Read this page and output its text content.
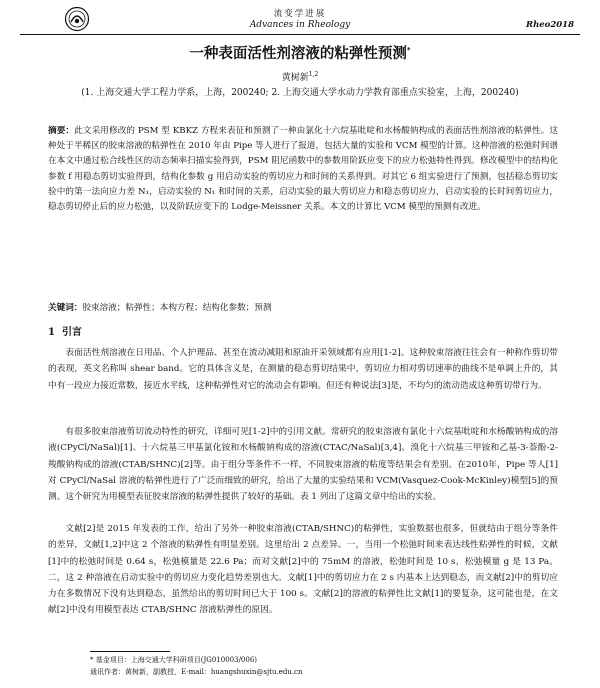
流变学进展
Advances in Rheology	Rheo2018
一种表面活性剂溶液的粘弹性预测*
黄树新$^{1,2}$
(1. 上海交通大学工程力学系，上海，200240; 2. 上海交通大学水动力学教育部重点实验室，上海，200240)
摘要：此文采用修改的 PSM 型 KBKZ 方程来表征和预测了一种由氯化十六烷基吡啶和水杨酸钠构成的表面活性剂溶液的粘弹性。这种处于半稀区的胶束溶液的粘弹性在 2010 年由 Pipe 等人进行了报道，包括大量的实验和 VCM 模型的计算。这种溶液的松弛时间谱在本文中通过松合线性区的动态频率扫描实验得到，PSM 阻尼函数中的参数用阶跃应变下的应力松弛特性得到。修改模型中的结构化参数 f 用稳态剪切实验得到，结构化参数 g 用启动实验的剪切应力和时间的关系得到。对其它 6 组实验进行了预测，包括稳态剪切实验中的第一法向应力差 N₁，启动实验的 N₁ 和时间的关系，启动实验的最大剪切应力和稳态剪切应力，启动实验的长时间剪切应力，稳态剪切停止后的应力松弛，以及阶跃应变下的 Lodge-Meissner 关系。本文的计算比 VCM 模型的预测有改进。
关键词：胶束溶液；粘弹性；本构方程；结构化参数；预测
1 引言

表面活性剂溶液在日用品、个人护理品、甚至在流动减阻和原油开采领域都有应用[1-2]。这种胶束溶液往往会有一种称作剪切带的表现，英文名称叫 shear band。它的具体含义是，在测量的稳态剪切结果中，剪切应力相对剪切速率的曲线不是单调上升的，其中有一段应力接近常数，接近水平线，这种粘弹性对它的流动会有影响。但还有种说法[3]是，不均匀的流动造成这种剪切带行为。

有很多胶束溶液剪切流动特性的研究，详细可见[1-2]中的引用文献。常研究的胶束溶液有氯化十六烷基吡啶和水杨酸钠构成的溶液(CPyCl/NaSal)[1]、十六烷基三甲基氯化铵和水杨酸钠构成的溶液(CTAC/NaSal)[3,4]、溴化十六烷基三甲铵和乙基-3-萘酚-2-羧酸钠构成的溶液(CTAB/SHNC)[2]等。由于组分等条件不一样，不同胶束溶液的粘度等结果会有差别。在2010年，Pipe 等人[1]对 CPyCl/NaSal 溶液的粘弹性进行了广泛而细致的研究，给出了大量的实验结果和 VCM(Vasquez-Cook-McKinley)模型[5]的预测。这个研究为用模型表征胶束溶液的粘弹性提供了较好的基础。表 1 列出了这篇文章中给出的实验。

文献[2]是 2015 年发表的工作，给出了另外一种胶束溶液(CTAB/SHNC)的粘弹性，实验数据也很多，但就结由于组分等条件的差异，文献[1,2]中这 2 个溶液的粘弹性有明显差别。这里给出 2 点差异。一，当用一个松弛时间来表达线性粘弹性的时候，文献[1]中的松弛时间是 0.64 s，松弛模量是 22.6 Pa；而对文献[2]中的 75mM 的溶液，松弛时间是 10 s，松弛模量 g 是 13 Pa。二，这 2 种溶液在启动实验中的剪切应力变化趋势差别也大。文献[1]中的剪切应力在 2 s 内基本上达到稳态，而文献[2]中的剪切应力在多数情况下没有达到稳态，虽然给出的剪切时间已大于 100 s。文献[2]的溶液的粘弹性比文献[1]的要复杂，这可能也是，在文献[2]中没有用模型表达 CTAB/SHNC 溶液粘弹性的原因。

* 基金项目：上海交通大学科研项目(JG010003/006)
通讯作者：黄树新，副教授，E-mail：huangshuxin@sjtu.edu.cn
